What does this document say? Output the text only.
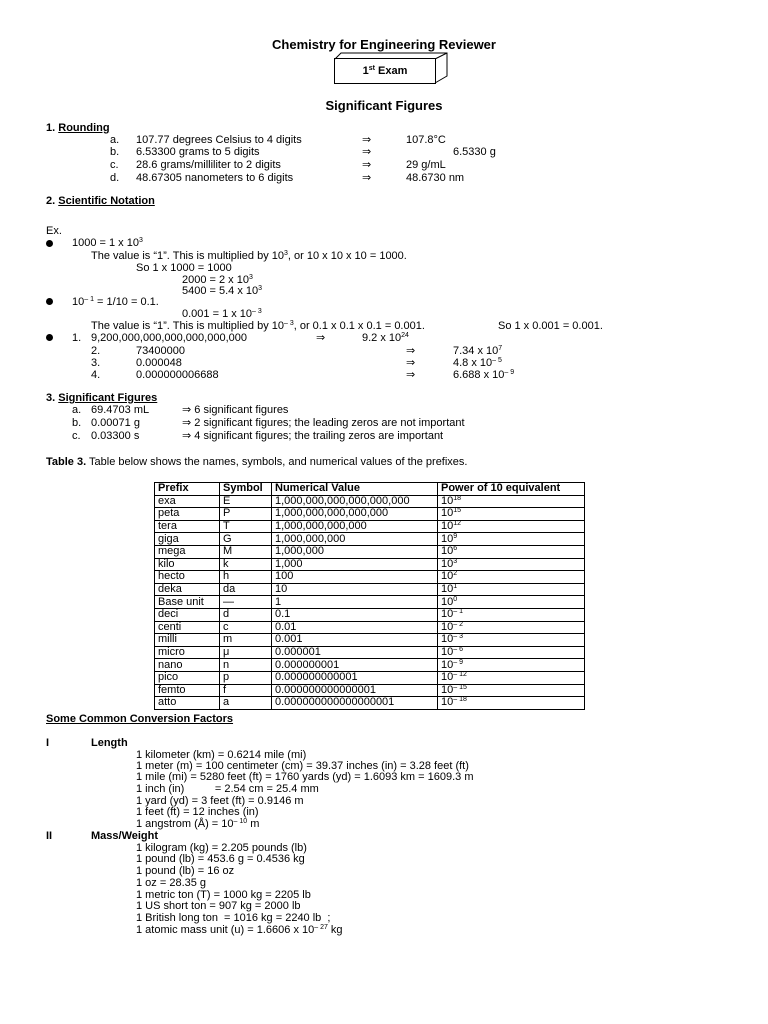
Chemistry for Engineering Reviewer
1st Exam
Significant Figures
1. Rounding
a. 107.77 degrees Celsius to 4 digits	⇒	107.8°C
b. 6.53300 grams to 5 digits	⇒	6.5330 g
c. 28.6 grams/milliliter to 2 digits	⇒	29 g/mL
d. 48.67305 nanometers to 6 digits	⇒	48.6730 nm
2. Scientific Notation
Ex.
1000 = 1 x $10^3$
The value is “1”. This is multiplied by $10^3$, or 10 x 10 x 10 = 1000.
So 1 x 1000 = 1000
2000 = 2 x $10^3$
5400 = 5.4 x $10^3$
$10^{- 1} = 1/10 = 0.1$.
0.001 = 1 x $10^{- 3}$
The value is “1”. This is multiplied by $10^{- 3}$, or 0.1 x 0.1 x 0.1 = 0.001.	So 1 x 0.001 = 0.001.
1. 9,200,000,000,000,000,000,000	⇒	9.2 x $10^{24}$
2.	73400000	⇒	7.34 x $10^7$
3.	0.000048	⇒	4.8 x $10^{- 5}$
4.	0.000000006688	⇒	6.688 x $10^{- 9}$
3. Significant Figures
a. 69.4703 mL	⇒ 6 significant figures
b. 0.00071 g	⇒ 2 significant figures; the leading zeros are not important
c. 0.03300 s	⇒ 4 significant figures; the trailing zeros are important
Table 3. Table below shows the names, symbols, and numerical values of the prefixes.
Prefix	Symbol	Numerical Value	Power of 10 equivalent
exa	E	1,000,000,000,000,000,000	$10^{18}$
peta	P	1,000,000,000,000,000	$10^{15}$
tera	T	1,000,000,000,000	$10^{12}$
giga	G	1,000,000,000	$10^9$
mega	M	1,000,000	$10^6$
kilo	k	1,000	$10^3$
hecto	h	100	$10^2$
deka	da	10	$10^1$
Base unit	—	1	$10^0$
deci	d	0.1	$10^{- 1}$
centi	c	0.01	$10^{- 2}$
milli	m	0.001	$10^{- 3}$
micro	μ	0.000001	$10^{- 6}$
nano	n	0.000000001	$10^{- 9}$
pico	p	0.000000000001	$10^{- 12}$
femto	f	0.000000000000001	$10^{- 15}$
atto	a	0.000000000000000001	$10^{- 18}$
Some Common Conversion Factors
I	Length
1 kilometer (km) = 0.6214 mile (mi)
1 meter (m) = 100 centimeter (cm) = 39.37 inches (in) = 3.28 feet (ft)
1 mile (mi) = 5280 feet (ft) = 1760 yards (yd) = 1.6093 km = 1609.3 m
1 inch (in)          = 2.54 cm = 25.4 mm
1 yard (yd) = 3 feet (ft) = 0.9146 m
1 feet (ft) = 12 inches (in)
1 angstrom (Å) = $10^{- 10}$ m
II	Mass/Weight
1 kilogram (kg) = 2.205 pounds (lb)
1 pound (lb) = 453.6 g = 0.4536 kg
1 pound (lb) = 16 oz
1 oz = 28.35 g
1 metric ton (T) = 1000 kg = 2205 lb
1 US short ton = 907 kg = 2000 lb
1 British long ton  = 1016 kg = 2240 lb  ;
1 atomic mass unit (u) = 1.6606 x $10^{- 27}$ kg
